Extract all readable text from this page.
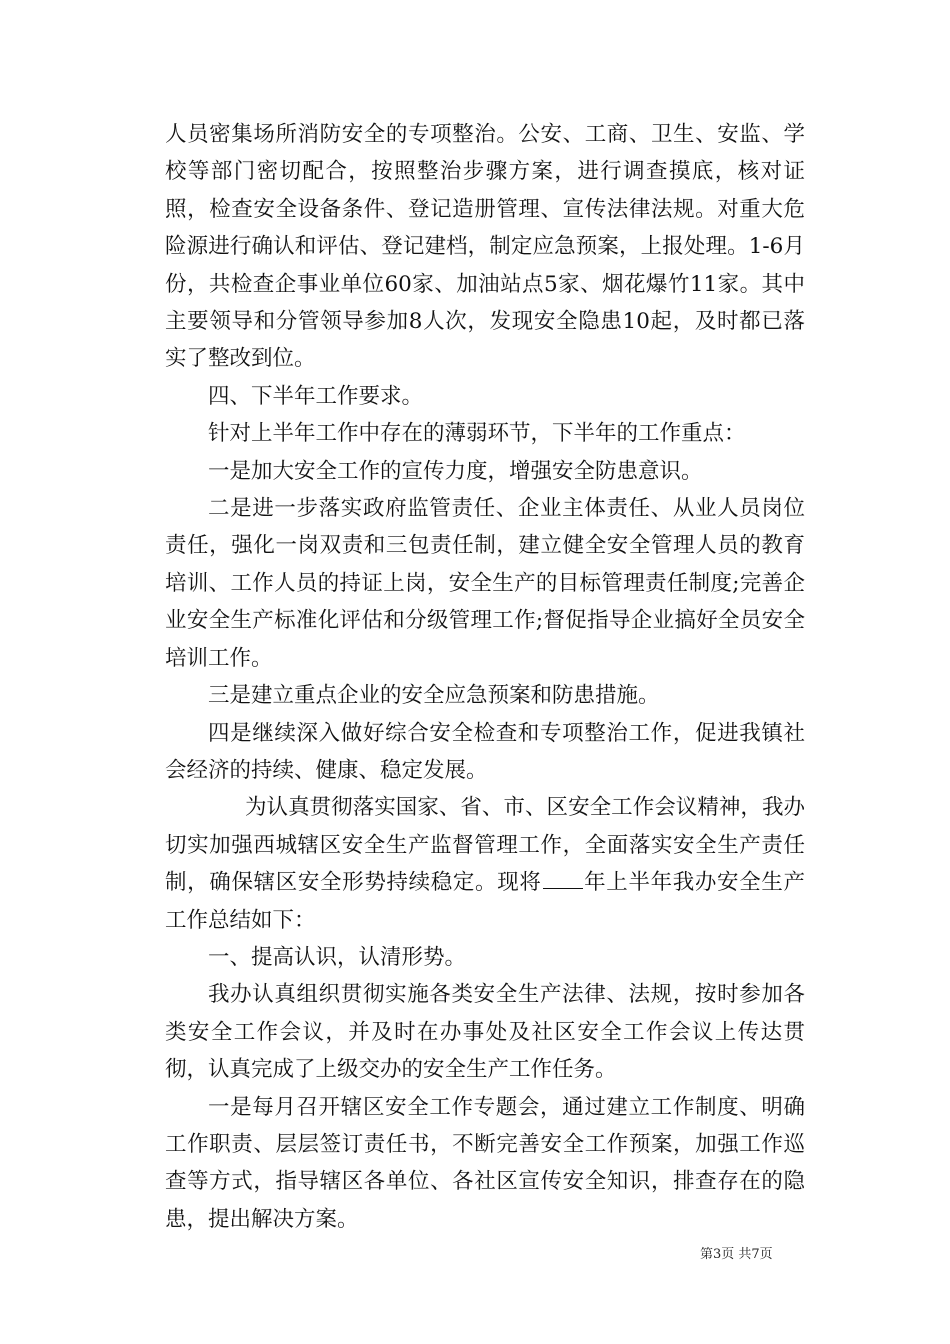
人员密集场所消防安全的专项整治。公安、工商、卫生、安监、学校等部门密切配合，按照整治步骤方案，进行调查摸底，核对证照，检查安全设备条件、登记造册管理、宣传法律法规。对重大危险源进行确认和评估、登记建档，制定应急预案，上报处理。1-6月份，共检查企事业单位60家、加油站点5家、烟花爆竹11家。其中主要领导和分管领导参加8人次，发现安全隐患10起，及时都已落实了整改到位。

四、下半年工作要求。

针对上半年工作中存在的薄弱环节，下半年的工作重点：

一是加大安全工作的宣传力度，增强安全防患意识。

二是进一步落实政府监管责任、企业主体责任、从业人员岗位责任，强化一岗双责和三包责任制，建立健全安全管理人员的教育培训、工作人员的持证上岗，安全生产的目标管理责任制度;完善企业安全生产标准化评估和分级管理工作;督促指导企业搞好全员安全培训工作。

三是建立重点企业的安全应急预案和防患措施。

四是继续深入做好综合安全检查和专项整治工作，促进我镇社会经济的持续、健康、稳定发展。

为认真贯彻落实国家、省、市、区安全工作会议精神，我办切实加强西城辖区安全生产监督管理工作，全面落实安全生产责任制，确保辖区安全形势持续稳定。现将 年上半年我办安全生产工作总结如下：

一、提高认识，认清形势。

我办认真组织贯彻实施各类安全生产法律、法规，按时参加各类安全工作会议，并及时在办事处及社区安全工作会议上传达贯彻，认真完成了上级交办的安全生产工作任务。

一是每月召开辖区安全工作专题会，通过建立工作制度、明确工作职责、层层签订责任书，不断完善安全工作预案，加强工作巡查等方式，指导辖区各单位、各社区宣传安全知识，排查存在的隐患，提出解决方案。

第3页 共7页
